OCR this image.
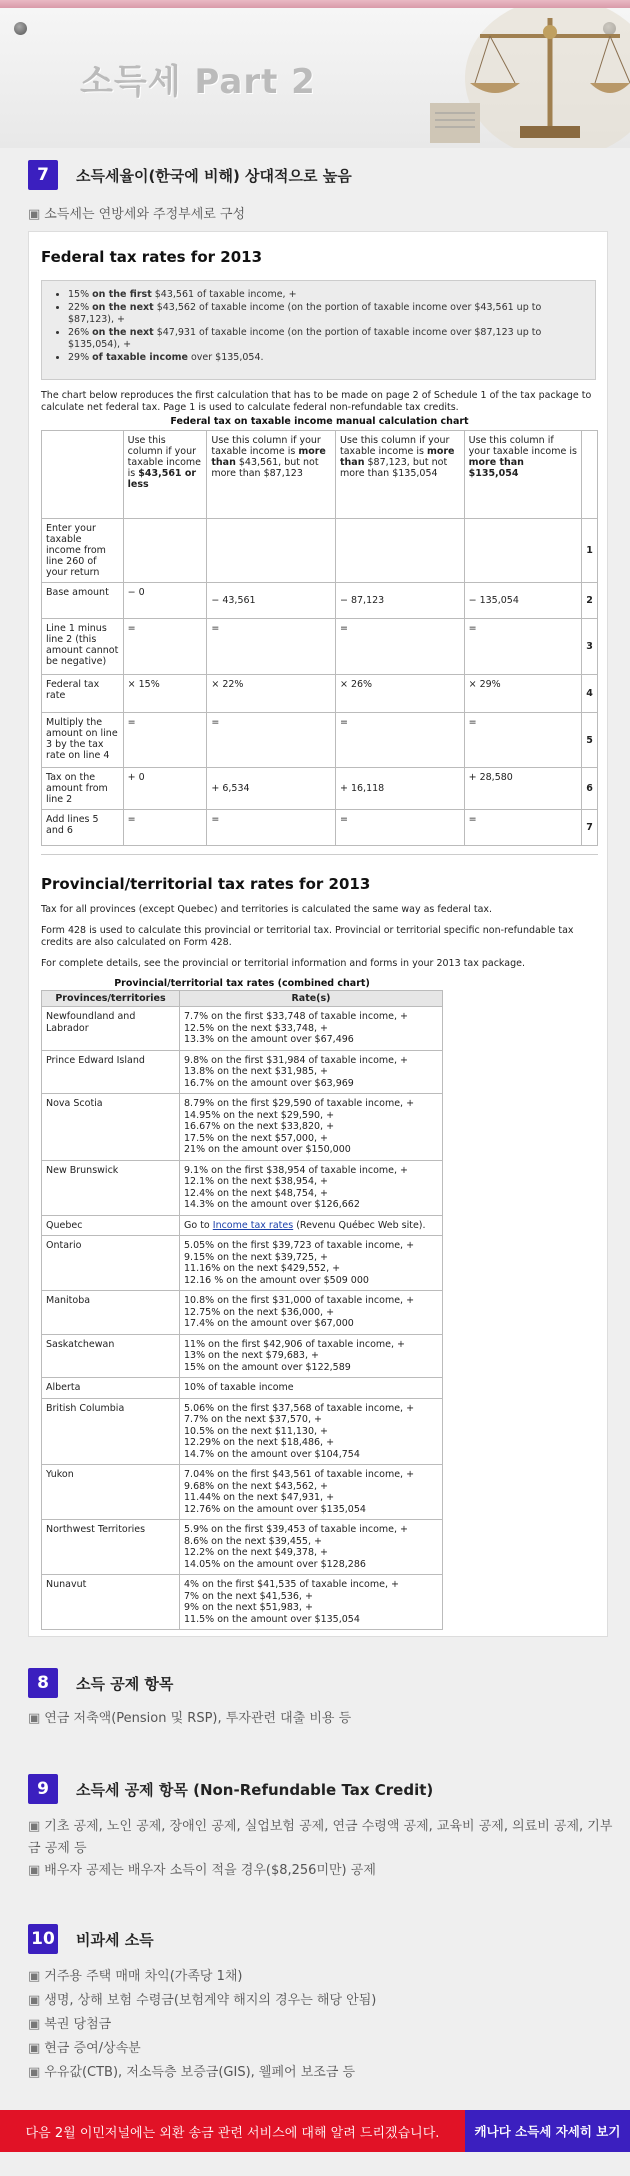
소득세 Part 2
7	소득세율이(한국에 비해) 상대적으로 높음
▣ 소득세는 연방세와 주정부세로 구성
Federal tax rates for 2013
• 15% on the first $43,561 of taxable income, +
• 22% on the next $43,562 of taxable income (on the portion of taxable income over $43,561 up to $87,123), +
• 26% on the next $47,931 of taxable income (on the portion of taxable income over $87,123 up to $135,054), +
• 29% of taxable income over $135,054.
The chart below reproduces the first calculation that has to be made on page 2 of Schedule 1 of the tax package to calculate net federal tax. Page 1 is used to calculate federal non-refundable tax credits.
Federal tax on taxable income manual calculation chart
	Use this column if your taxable income is $43,561 or less	Use this column if your taxable income is more than $43,561, but not more than $87,123	Use this column if your taxable income is more than $87,123, but not more than $135,054	Use this column if your taxable income is more than $135,054	
Enter your taxable income from line 260 of your return					1
Base amount	− 0	− 43,561	− 87,123	− 135,054	2
Line 1 minus line 2 (this amount cannot be negative)	=	=	=	=	3
Federal tax rate	× 15%	× 22%	× 26%	× 29%	4
Multiply the amount on line 3 by the tax rate on line 4	=	=	=	=	5
Tax on the amount from line 2	+ 0	+ 6,534	+ 16,118	+ 28,580	6
Add lines 5 and 6	=	=	=	=	7
Provincial/territorial tax rates for 2013
Tax for all provinces (except Quebec) and territories is calculated the same way as federal tax.
Form 428 is used to calculate this provincial or territorial tax. Provincial or territorial specific non-refundable tax credits are also calculated on Form 428.
For complete details, see the provincial or territorial information and forms in your 2013 tax package.
Provincial/territorial tax rates (combined chart)
Provinces/territories	Rate(s)
Newfoundland and Labrador	7.7% on the first $33,748 of taxable income, +
12.5% on the next $33,748, +
13.3% on the amount over $67,496

Prince Edward Island	9.8% on the first $31,984 of taxable income, +
13.8% on the next $31,985, +
16.7% on the amount over $63,969

Nova Scotia	8.79% on the first $29,590 of taxable income, +
14.95% on the next $29,590, +
16.67% on the next $33,820, +
17.5% on the next $57,000, +
21% on the amount over $150,000

New Brunswick	9.1% on the first $38,954 of taxable income, +
12.1% on the next $38,954, +
12.4% on the next $48,754, +
14.3% on the amount over $126,662

Quebec	Go to Income tax rates (Revenu Québec Web site).
Ontario	5.05% on the first $39,723 of taxable income, +
9.15% on the next $39,725, +
11.16% on the next $429,552, +
12.16 % on the amount over $509 000

Manitoba	10.8% on the first $31,000 of taxable income, +
12.75% on the next $36,000, +
17.4% on the amount over $67,000

Saskatchewan	11% on the first $42,906 of taxable income, +
13% on the next $79,683, +
15% on the amount over $122,589

Alberta	10% of taxable income

British Columbia	5.06% on the first $37,568 of taxable income, +
7.7% on the next $37,570, +
10.5% on the next $11,130, +
12.29% on the next $18,486, +
14.7% on the amount over $104,754

Yukon	7.04% on the first $43,561 of taxable income, +
9.68% on the next $43,562, +
11.44% on the next $47,931, +
12.76% on the amount over $135,054

Northwest Territories	5.9% on the first $39,453 of taxable income, +
8.6% on the next $39,455, +
12.2% on the next $49,378, +
14.05% on the amount over $128,286

Nunavut	4% on the first $41,535 of taxable income, +
7% on the next $41,536, +
9% on the next $51,983, +
11.5% on the amount over $135,054
8	소득 공제 항목
▣ 연금 저축액(Pension 및 RSP), 투자관련 대출 비용 등
9	소득세 공제 항목 (Non-Refundable Tax Credit)
▣ 기초 공제, 노인 공제, 장애인 공제, 실업보험 공제, 연금 수령액 공제, 교육비 공제, 의료비 공제, 기부금 공제 등
▣ 배우자 공제는 배우자 소득이 적을 경우($8,256미만) 공제
10 비과세 소득
▣ 거주용 주택 매매 차익(가족당 1채)
▣ 생명, 상해 보험 수령금(보험계약 해지의 경우는 해당 안됨)
▣ 복권 당첨금
▣ 현금 증여/상속분
▣ 우유값(CTB), 저소득층 보증금(GIS), 웰페어 보조금 등
다음 2월 이민저널에는 외환 송금 관련 서비스에 대해 알려 드리겠습니다.	캐나다 소득세 자세히 보기
